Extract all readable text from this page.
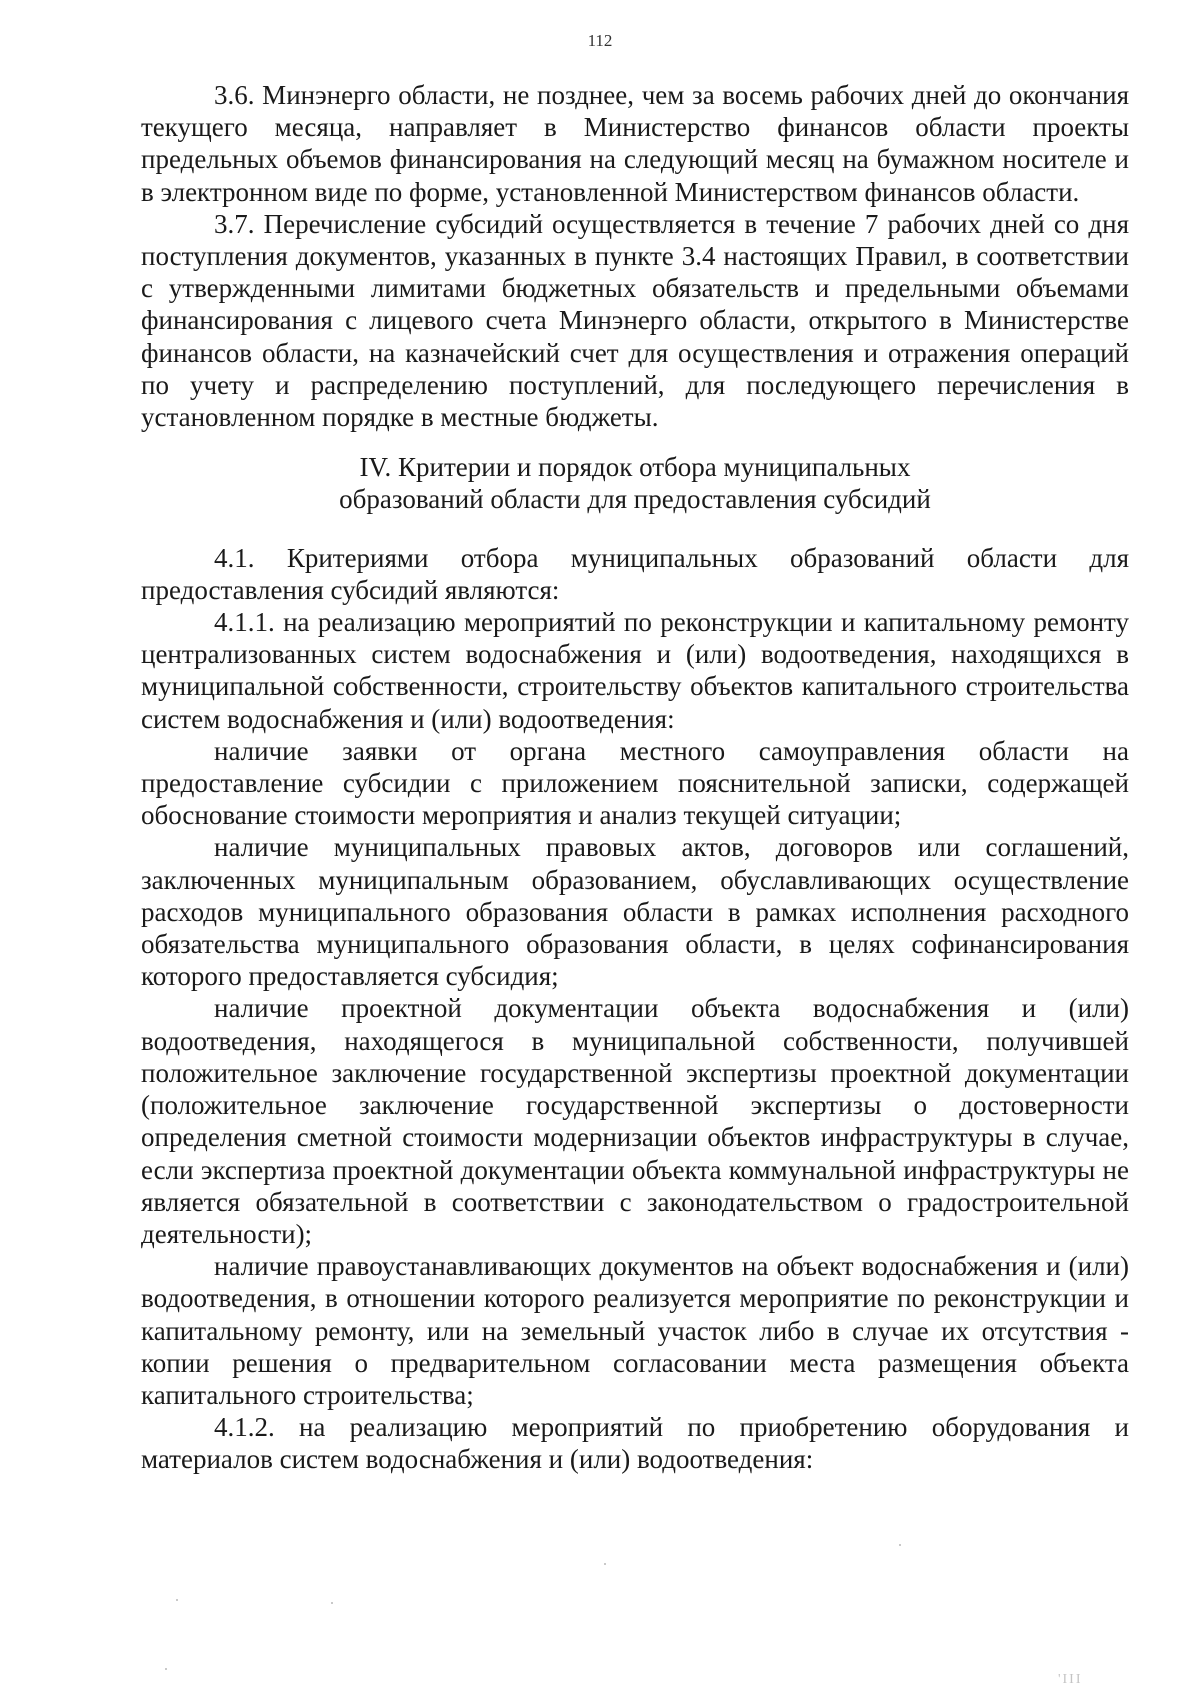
112

3.6. Минэнерго области, не позднее, чем за восемь рабочих дней до окончания текущего месяца, направляет в Министерство финансов области проекты предельных объемов финансирования на следующий месяц на бумажном носителе и в электронном виде по форме, установленной Министерством финансов области.

3.7. Перечисление субсидий осуществляется в течение 7 рабочих дней со дня поступления документов, указанных в пункте 3.4 настоящих Правил, в соответствии с утвержденными лимитами бюджетных обязательств и предельными объемами финансирования с лицевого счета Минэнерго области, открытого в Министерстве финансов области, на казначейский счет для осуществления и отражения операций по учету и распределению поступлений, для последующего перечисления в установленном порядке в местные бюджеты.

IV. Критерии и порядок отбора муниципальных
образований области для предоставления субсидий

4.1. Критериями отбора муниципальных образований области для предоставления субсидий являются:

4.1.1. на реализацию мероприятий по реконструкции и капитальному ремонту централизованных систем водоснабжения и (или) водоотведения, находящихся в муниципальной собственности, строительству объектов капитального строительства систем водоснабжения и (или) водоотведения:

наличие заявки от органа местного самоуправления области на предоставление субсидии с приложением пояснительной записки, содержащей обоснование стоимости мероприятия и анализ текущей ситуации;

наличие муниципальных правовых актов, договоров или соглашений, заключенных муниципальным образованием, обуславливающих осуществление расходов муниципального образования области в рамках исполнения расходного обязательства муниципального образования области, в целях софинансирования которого предоставляется субсидия;

наличие проектной документации объекта водоснабжения и (или) водоотведения, находящегося в муниципальной собственности, получившей положительное заключение государственной экспертизы проектной документации (положительное заключение государственной экспертизы о достоверности определения сметной стоимости модернизации объектов инфраструктуры в случае, если экспертиза проектной документации объекта коммунальной инфраструктуры не является обязательной в соответствии с законодательством о градостроительной деятельности);

наличие правоустанавливающих документов на объект водоснабжения и (или) водоотведения, в отношении которого реализуется мероприятие по реконструкции и капитальному ремонту, или на земельный участок либо в случае их отсутствия - копии решения о предварительном согласовании места размещения объекта капитального строительства;

4.1.2. на реализацию мероприятий по приобретению оборудования и материалов систем водоснабжения и (или) водоотведения:

'ІІІ
